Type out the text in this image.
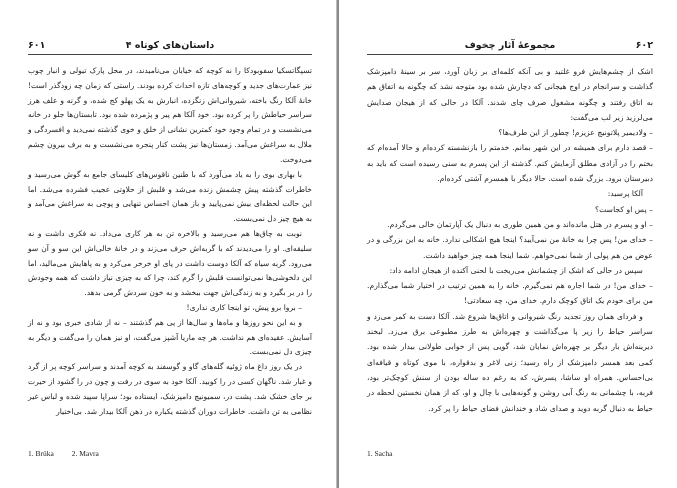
۶۰۱	داستان‌های کوتاه ۴

تسپگاتسکیا سفوبودکا را نه کوچه که خیابان می‌نامیدند، در محل پارک تیولی و انبار چوب نیز عمارت‌های جدید و کوچه‌های تازه احداث کرده بودند. راستی که زمان چه زودگذر است! خانهٔ آلکا رنگ باخته، شیروانی‌اش زنگزده، انبارش به یک پهلو کج شده، و گرته و علف هرز سراسر حیاطش را پر کرده بود. خود آلکا هم پیر و پژمرده شده بود. تابستان‌ها جلو در خانه می‌نشست و در تمام وجود خود کمترین نشانی از خلق و خوی گذشته نمی‌دید و افسردگی و ملال به سراغش می‌آمد. زمستان‌ها نیز پشت کنار پنجره می‌نشست و به برف بیرون چشم می‌دوخت.

با بهاری بوی را به یاد می‌آورد که با طنین ناقوس‌های کلیسای جامع به گوش می‌رسید و خاطرات گذشته پیش چشمش زنده می‌شد و قلبش از حلاوتی عجیب فشرده می‌شد. اما این حالت لحظه‌ای بیش نمی‌پایید و باز همان احساس تنهایی و پوچی به سراغش می‌آمد و به هیچ چیز دل نمی‌بست.

نوبت به چاق‌ها هم می‌رسید و بالاخره تن به هر کاری می‌داد. نه فکری داشت و نه سلیقه‌ای. او را می‌دیدند که با گربه‌اش حرف می‌زند و در خانهٔ خالی‌اش این سو و آن سو می‌رود. گربه سیاه که آلکا دوست داشت در پای او خرخر می‌کرد و به پاهایش می‌مالید، اما این دلخوشی‌ها نمی‌توانست قلبش را گرم کند، چرا که به چیزی نیاز داشت که همه وجودش را در بر بگیرد و به زندگی‌اش جهت ببخشد و به خون سردش گرمی بدهد.

– بروا برو پیش، تو اینجا کاری نداری!

و به این نحو روزها و ماه‌ها و سال‌ها از پی هم گذشتند – نه از شادی خبری بود و نه از آسایش. عقیده‌ای هم نداشت. هر چه ماریا آشپز می‌گفت، او نیز همان را می‌گفت و دیگر به چیزی دل نمی‌بست.

در یک روز داغ ماه ژوئیه گله‌های گاو و گوسفند به کوچه آمدند و سراسر کوچه پر از گرد و غبار شد. ناگهان کسی در را کوبید. آلکا خود به سوی در رفت و چون در را گشود از حیرت بر جای خشک شد. پشت در، سمیونیچ دامپزشک، ایستاده بود؛ سراپا سپید شده و لباس غیر نظامی به تن داشت. خاطرات دوران گذشته یکباره در ذهن آلکا بیدار شد. بی‌اختیار

1. Brüka 2. Mavra
مجموعهٔ آثار چخوف	۶۰۲

اشک از چشم‌هایش فرو غلتید و بی آنکه کلمه‌ای بر زبان آورد، سر بر سینهٔ دامپزشک گذاشت و سرانجام در اوج هیجانی که دچارش شده بود متوجه نشد که چگونه به اتفاق هم به اتاق رفتند و چگونه مشغول صرف چای شدند. آلکا در حالی که از هیجان صدایش می‌لرزید زیر لب می‌گفت:

– ولادیمیر پلاتونیچ عزیزم! چطور از این طرف‌ها؟

– قصد دارم برای همیشه در این شهر بمانم. خدمتم را بازنشسته کرده‌ام و حالا آمده‌ام که بختم را در آزادی مطلق آزمایش کنم. گذشته از این پسرم به سنی رسیده است که باید به دبیرستان برود. بزرگ شده است. حالا دیگر با همسرم آشتی کرده‌ام.

آلکا پرسید:

– پس او کجاست؟

– او و پسرم در هتل مانده‌اند و من همین طوری به دنبال یک آپارتمان خالی می‌گردم.

– خدای من! پس چرا به خانهٔ من نمی‌آیید؟ اینجا هیچ اشکالی ندارد. خانه به این بزرگی و در عوض من هم پولی از شما نمی‌خواهم. شما اینجا همه چیز خواهید داشت.

سپس در حالی که اشک از چشمانش می‌ریخت با لحنی آکنده از هیجان ادامه داد:

– خدای من! در شما اجاره هم نمی‌گیرم. خانه را به همین ترتیب در اختیار شما می‌گذارم. من برای خودم یک اتاق کوچک دارم. خدای من، چه سعادتی!

و فردای همان روز تجدید رنگ شیروانی و اتاق‌ها شروع شد. آلکا دست به کمر می‌زد و سراسر حیاط را زیر پا می‌گذاشت و چهره‌اش به طرز مطبوعی برق می‌زد. لبخند دیرینه‌اش بار دیگر بر چهره‌اش نمایان شد، گویی پس از خوابی طولانی بیدار شده بود. کمی بعد همسر دامپزشک از راه رسید؛ زنی لاغر و بدقواره، با موی کوتاه و قیافه‌ای بی‌احساس. همراه او ساشا، پسرش، که به رغم ده ساله بودن از سنش کوچک‌تر بود، فربه، با چشمانی به رنگ آبی روشن و گونه‌هایی با چال و او، که از همان نخستین لحظه در حیاط به دنبال گربه دوید و صدای شاد و خندانش فضای حیاط را پر کرد.

1. Sacha
